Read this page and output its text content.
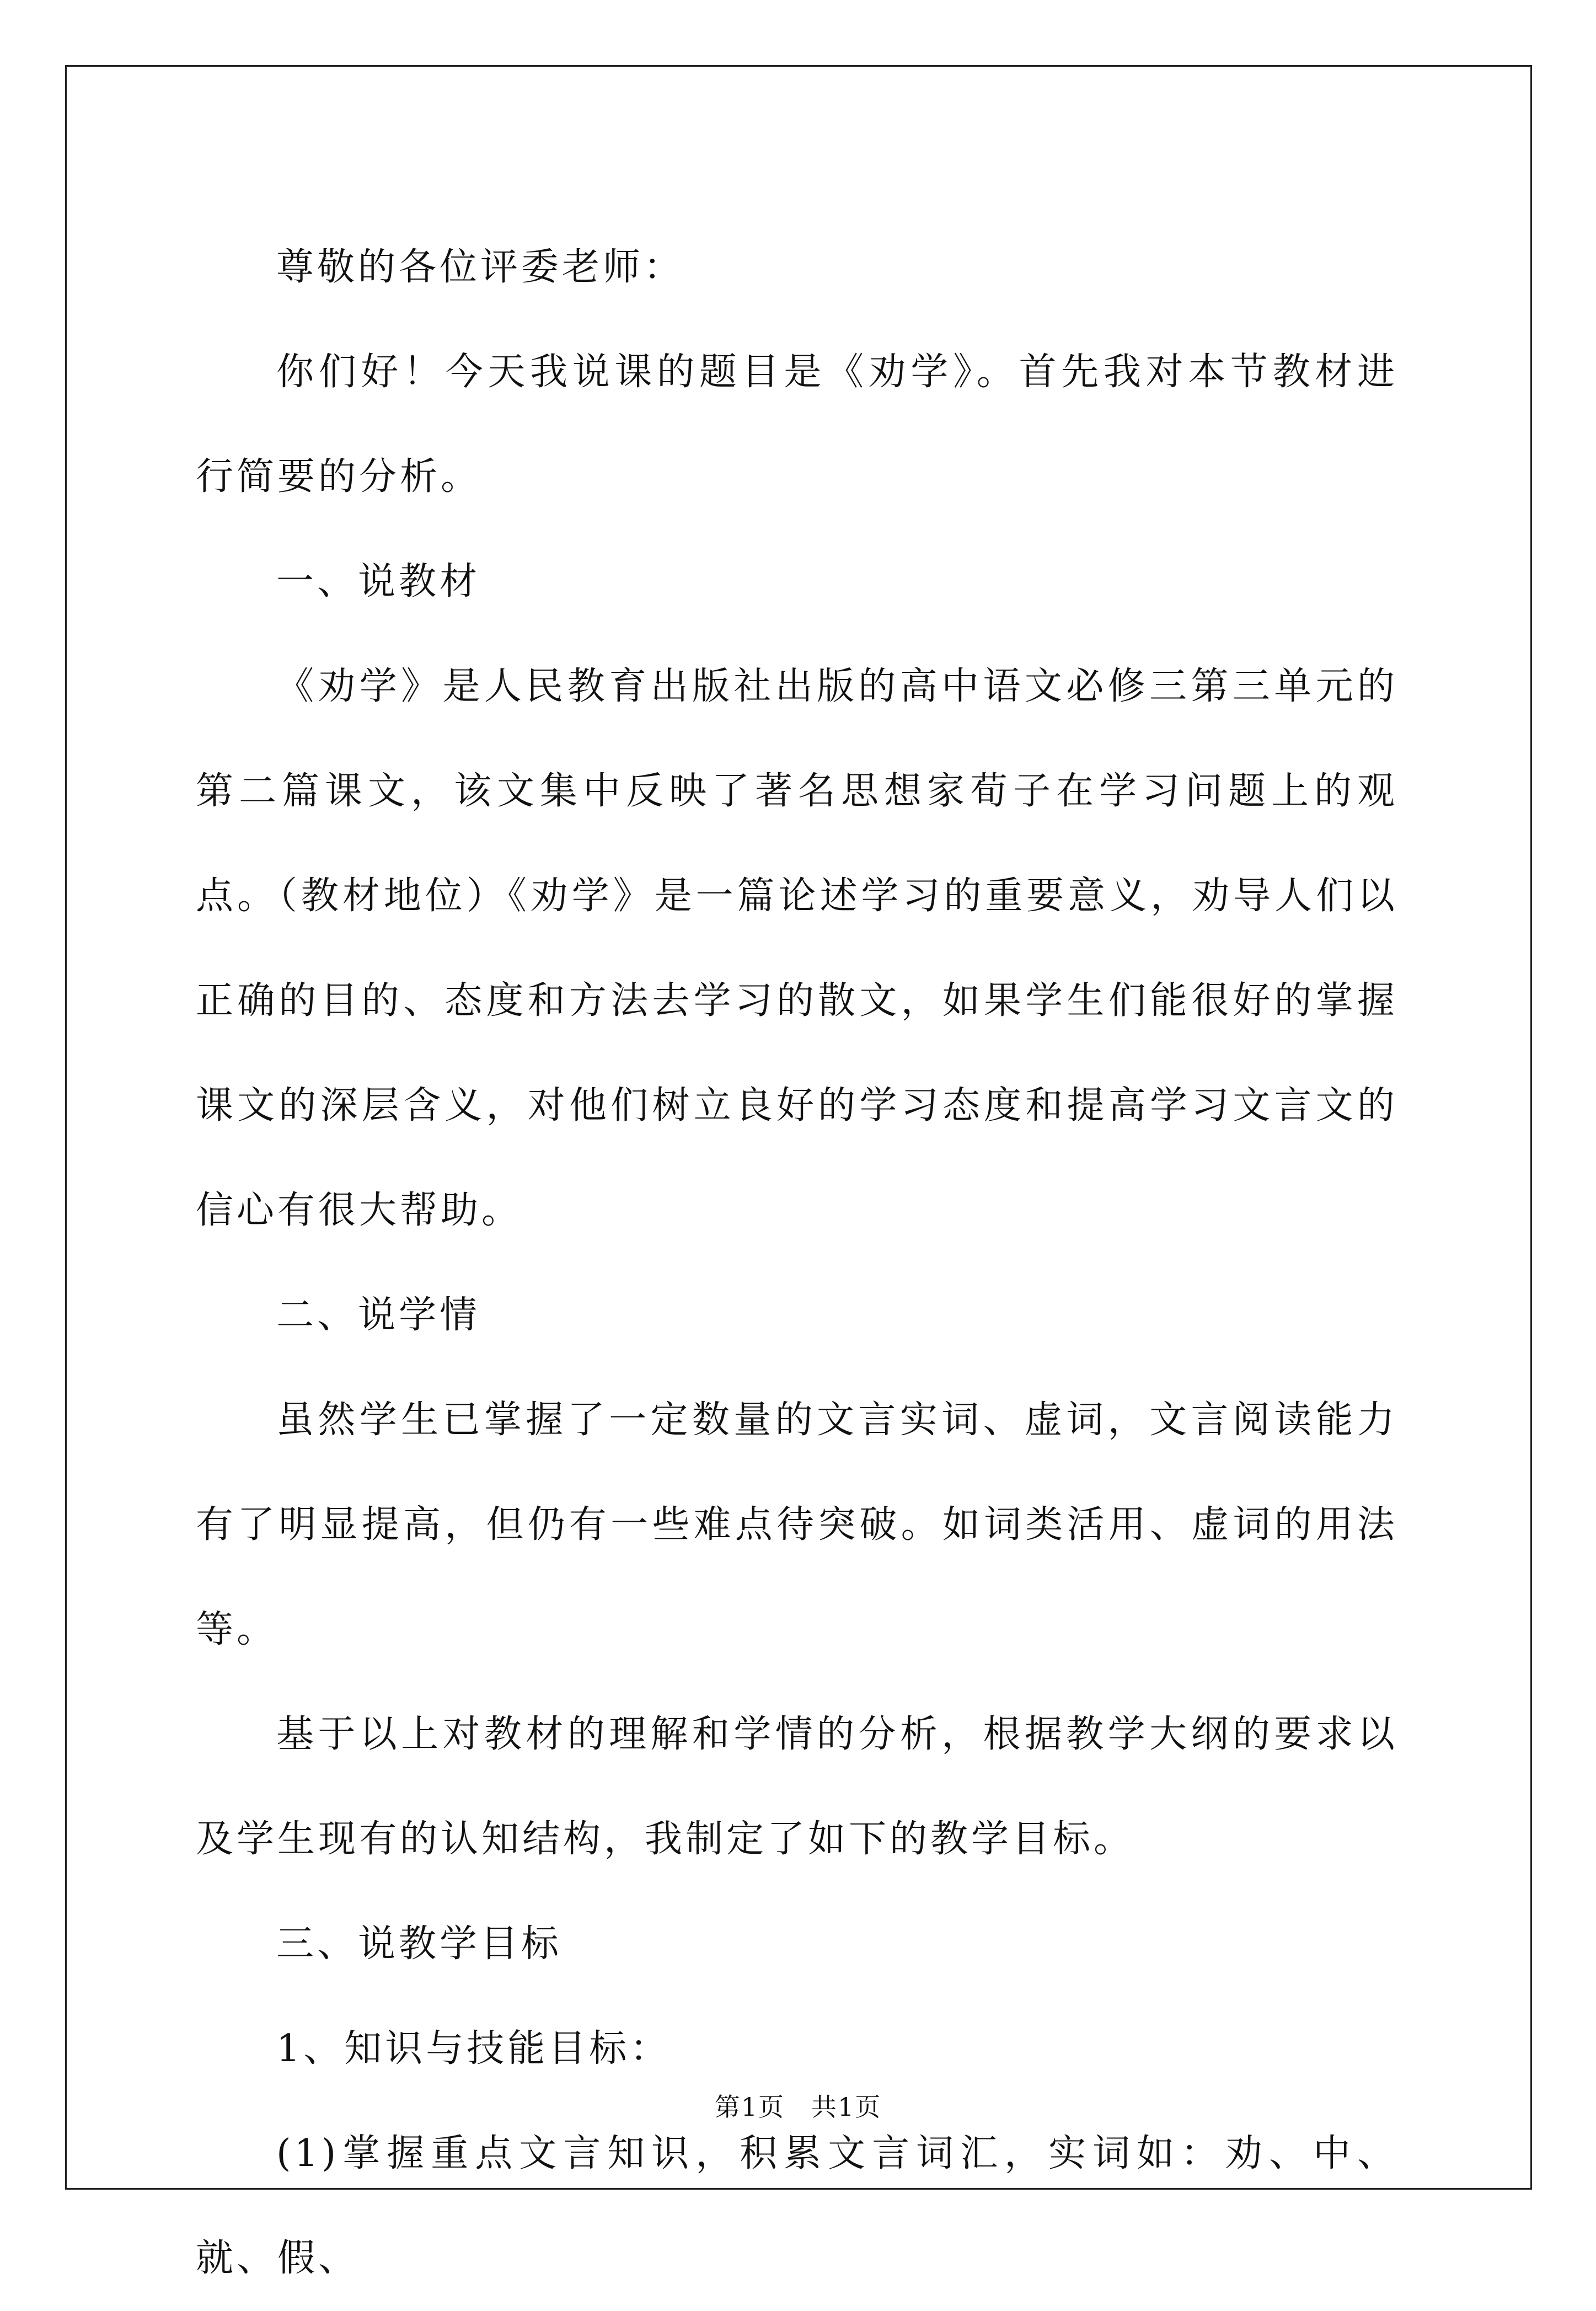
尊敬的各位评委老师：

你们好！今天我说课的题目是《劝学》。首先我对本节教材进行简要的分析。

一、说教材

《劝学》是人民教育出版社出版的高中语文必修三第三单元的第二篇课文，该文集中反映了著名思想家荀子在学习问题上的观点。（教材地位）《劝学》是一篇论述学习的重要意义，劝导人们以正确的目的、态度和方法去学习的散文，如果学生们能很好的掌握课文的深层含义，对他们树立良好的学习态度和提高学习文言文的信心有很大帮助。

二、说学情

虽然学生已掌握了一定数量的文言实词、虚词，文言阅读能力有了明显提高，但仍有一些难点待突破。如词类活用、虚词的用法等。

基于以上对教材的理解和学情的分析，根据教学大纲的要求以及学生现有的认知结构，我制定了如下的教学目标。

三、说教学目标

1、知识与技能目标：

(1)掌握重点文言知识，积累文言词汇，实词如：劝、中、就、假、

第1页　共1页
